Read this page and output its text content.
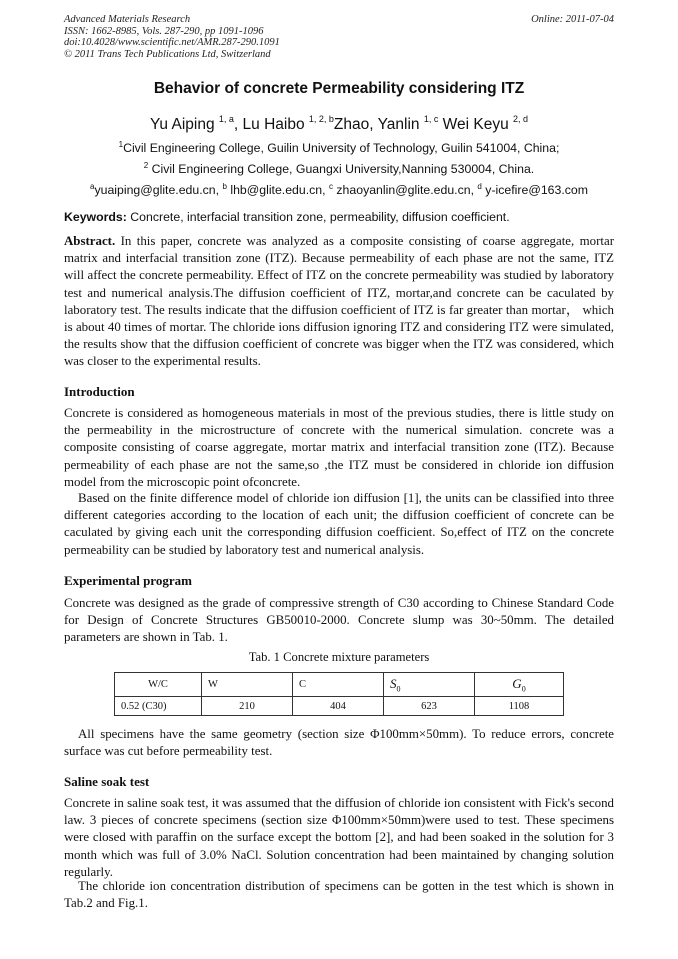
Advanced Materials Research
ISSN: 1662-8985, Vols. 287-290, pp 1091-1096
doi:10.4028/www.scientific.net/AMR.287-290.1091
© 2011 Trans Tech Publications Ltd, Switzerland
Online: 2011-07-04
Behavior of concrete Permeability considering ITZ
Yu Aiping $^{1, a}$, Lu Haibo $^{1, 2, b}$Zhao, Yanlin $^{1, c}$ Wei Keyu $^{2, d}$
$^1$Civil Engineering College, Guilin University of Technology, Guilin 541004, China;
$^2$ Civil Engineering College, Guangxi University,Nanning 530004, China.
$^a$yuaiping@glite.edu.cn, $^b$ lhb@glite.edu.cn, $^c$ zhaoyanlin@glite.edu.cn, $^d$ y-icefire@163.com
Keywords: Concrete, interfacial transition zone, permeability, diffusion coefficient.

Abstract. In this paper, concrete was analyzed as a composite consisting of coarse aggregate, mortar matrix and interfacial transition zone (ITZ). Because permeability of each phase are not the same, ITZ will affect the concrete permeability. Effect of ITZ on the concrete permeability was studied by laboratory test and numerical analysis.The diffusion coefficient of ITZ, mortar,and concrete can be caculated by laboratory test. The results indicate that the diffusion coefficient of ITZ is far greater than mortar， which is about 40 times of mortar. The chloride ions diffusion ignoring ITZ and considering ITZ were simulated, the results show that the diffusion coefficient of concrete was bigger when the ITZ was considered, which was closer to the experimental results.

Introduction

Concrete is considered as homogeneous materials in most of the previous studies, there is little study on the permeability in the microstructure of concrete with the numerical simulation. concrete was a composite consisting of coarse aggregate, mortar matrix and interfacial transition zone (ITZ). Because permeability of each phase are not the same,so ,the ITZ must be considered in chloride ion diffusion model from the microscopic point ofconcrete.

Based on the finite difference model of chloride ion diffusion [1], the units can be classified into three different categories according to the location of each unit; the diffusion coefficient of concrete can be caculated by giving each unit the corresponding diffusion coefficient. So,effect of ITZ on the concrete permeability can be studied by laboratory test and numerical analysis.

Experimental program

Concrete was designed as the grade of compressive strength of C30 according to Chinese Standard Code for Design of Concrete Structures GB50010-2000. Concrete slump was 30~50mm. The detailed parameters are shown in Tab. 1.

Tab. 1 Concrete mixture parameters
W/C	W	C	$S_0$	$G_0$
0.52 (C30)	210	404	623	1108

All specimens have the same geometry (section size Φ100mm×50mm). To reduce errors, concrete surface was cut before permeability test.

Saline soak test

Concrete in saline soak test, it was assumed that the diffusion of chloride ion consistent with Fick's second law. 3 pieces of concrete specimens (section size Φ100mm×50mm)were used to test. These specimens were closed with paraffin on the surface except the bottom [2], and had been soaked in the solution for 3 month which was full of 3.0% NaCl. Solution concentration had been maintained by changing solution regularly.

The chloride ion concentration distribution of specimens can be gotten in the test which is shown in Tab.2 and Fig.1.
